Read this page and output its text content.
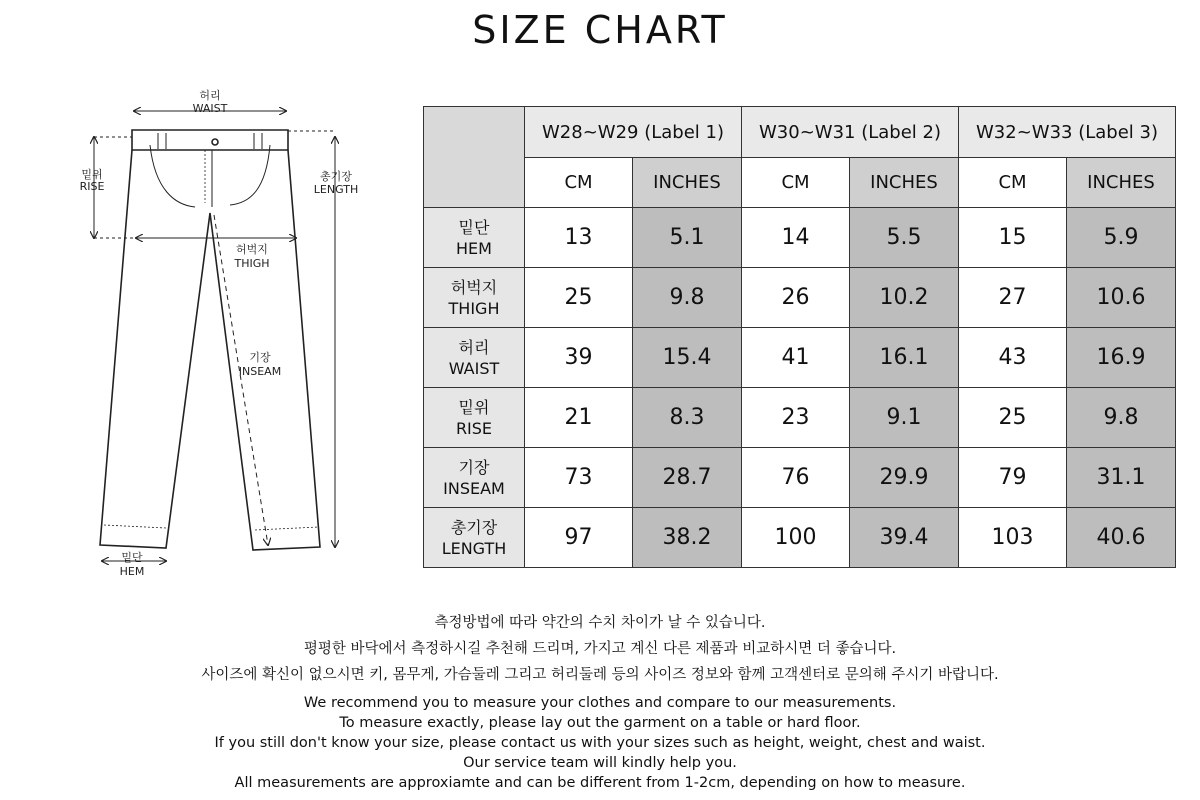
SIZE CHART
허리
WAIST
밑위
RISE
총기장
LENGTH
허벅지
THIGH
기장
INSEAM
밑단
HEM
	W28~W29 (Label 1)		W30~W31 (Label 2)		W32~W33 (Label 3)	
	CM	INCHES	CM	INCHES	CM	INCHES
밑단
HEM	13	5.1	14	5.5	15	5.9
허벅지
THIGH	25	9.8	26	10.2	27	10.6
허리
WAIST	39	15.4	41	16.1	43	16.9
밑위
RISE	21	8.3	23	9.1	25	9.8
기장
INSEAM	73	28.7	76	29.9	79	31.1
총기장
LENGTH	97	38.2	100	39.4	103	40.6
측정방법에 따라 약간의 수치 차이가 날 수 있습니다.
평평한 바닥에서 측정하시길 추천해 드리며, 가지고 계신 다른 제품과 비교하시면 더 좋습니다.
사이즈에 확신이 없으시면 키, 몸무게, 가슴둘레 그리고 허리둘레 등의 사이즈 정보와 함께 고객센터로 문의해 주시기 바랍니다.
We recommend you to measure your clothes and compare to our measurements.
To measure exactly, please lay out the garment on a table or hard floor.
If you still don't know your size, please contact us with your sizes such as height, weight, chest and waist.
Our service team will kindly help you.
All measurements are approxiamte and can be different from 1-2cm, depending on how to measure.
